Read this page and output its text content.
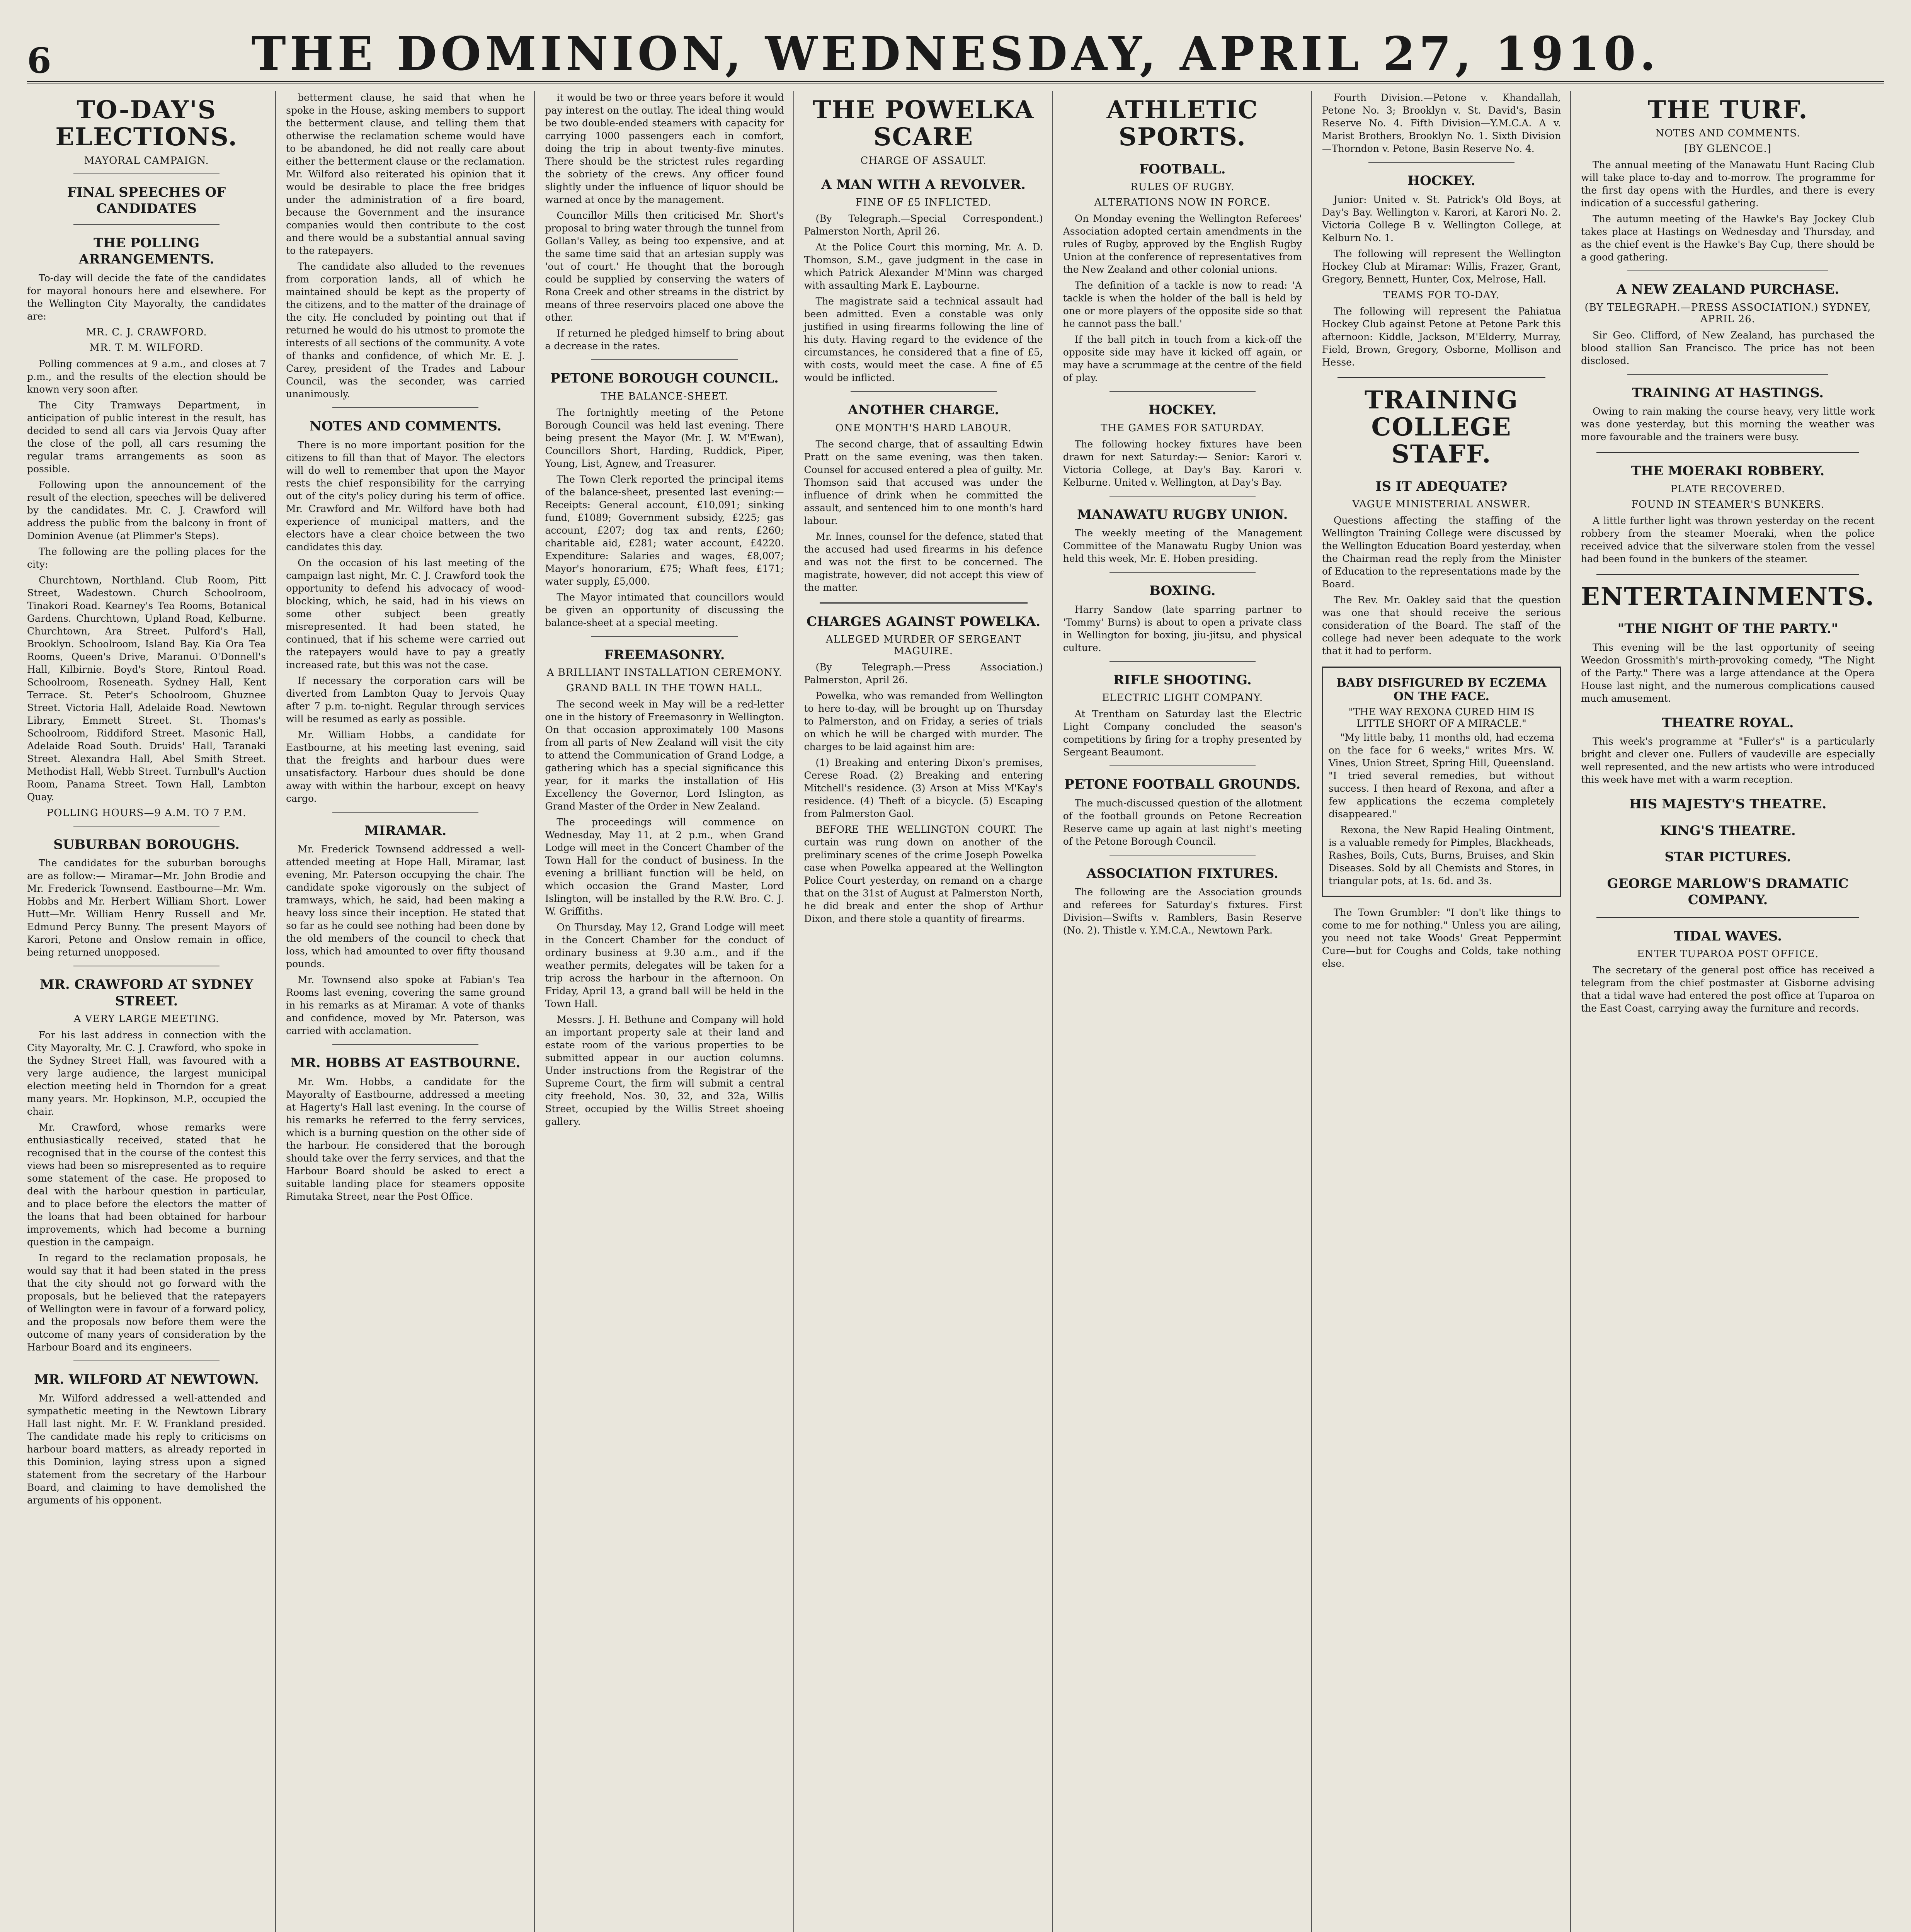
6	THE DOMINION, WEDNESDAY, APRIL 27, 1910.
TO-DAY'S ELECTIONS.
MAYORAL CAMPAIGN.
FINAL SPEECHES OF CANDIDATES
THE POLLING ARRANGEMENTS.

To-day will decide the fate of the candidates for mayoral honours here and elsewhere. For the Wellington City Mayoralty, the candidates are:

MR. C. J. CRAWFORD.
MR. T. M. WILFORD.

Polling commences at 9 a.m., and closes at 7 p.m., and the results of the election should be known very soon after.

The City Tramways Department, in anticipation of public interest in the result, has decided to send all cars via Jervois Quay after the close of the poll, all cars resuming the regular trams arrangements as soon as possible.

Following upon the announcement of the result of the election, speeches will be delivered by the candidates. Mr. C. J. Crawford will address the public from the balcony in front of Dominion Avenue (at Plimmer's Steps).

The following are the polling places for the city:

Churchtown, Northland. Club Room, Pitt Street, Wadestown. Church Schoolroom, Tinakori Road. Kearney's Tea Rooms, Botanical Gardens. Churchtown, Upland Road, Kelburne. Churchtown, Ara Street. Pulford's Hall, Brooklyn. Schoolroom, Island Bay. Kia Ora Tea Rooms, Queen's Drive, Maranui. O'Donnell's Hall, Kilbirnie. Boyd's Store, Rintoul Road. Schoolroom, Roseneath. Sydney Hall, Kent Terrace. St. Peter's Schoolroom, Ghuznee Street. Victoria Hall, Adelaide Road. Newtown Library, Emmett Street. St. Thomas's Schoolroom, Riddiford Street. Masonic Hall, Adelaide Road South. Druids' Hall, Taranaki Street. Alexandra Hall, Abel Smith Street. Methodist Hall, Webb Street. Turnbull's Auction Room, Panama Street. Town Hall, Lambton Quay.

POLLING HOURS—9 A.M. TO 7 P.M.
SUBURBAN BOROUGHS.

The candidates for the suburban boroughs are as follow:— Miramar—Mr. John Brodie and Mr. Frederick Townsend. Eastbourne—Mr. Wm. Hobbs and Mr. Herbert William Short. Lower Hutt—Mr. William Henry Russell and Mr. Edmund Percy Bunny. The present Mayors of Karori, Petone and Onslow remain in office, being returned unopposed.

MR. CRAWFORD AT SYDNEY STREET.
A VERY LARGE MEETING.

For his last address in connection with the City Mayoralty, Mr. C. J. Crawford, who spoke in the Sydney Street Hall, was favoured with a very large audience, the largest municipal election meeting held in Thorndon for a great many years. Mr. Hopkinson, M.P., occupied the chair.

Mr. Crawford, whose remarks were enthusiastically received, stated that he recognised that in the course of the contest this views had been so misrepresented as to require some statement of the case. He proposed to deal with the harbour question in particular, and to place before the electors the matter of the loans that had been obtained for harbour improvements, which had become a burning question in the campaign.

In regard to the reclamation proposals, he would say that it had been stated in the press that the city should not go forward with the proposals, but he believed that the ratepayers of Wellington were in favour of a forward policy, and the proposals now before them were the outcome of many years of consideration by the Harbour Board and its engineers.

MR. WILFORD AT NEWTOWN.

Mr. Wilford addressed a well-attended and sympathetic meeting in the Newtown Library Hall last night. Mr. F. W. Frankland presided. The candidate made his reply to criticisms on harbour board matters, as already reported in this Dominion, laying stress upon a signed statement from the secretary of the Harbour Board, and claiming to have demolished the arguments of his opponent.

betterment clause, he said that when he spoke in the House, asking members to support the betterment clause, and telling them that otherwise the reclamation scheme would have to be abandoned, he did not really care about either the betterment clause or the reclamation. Mr. Wilford also reiterated his opinion that it would be desirable to place the free bridges under the administration of a fire board, because the Government and the insurance companies would then contribute to the cost and there would be a substantial annual saving to the ratepayers.

The candidate also alluded to the revenues from corporation lands, all of which he maintained should be kept as the property of the citizens, and to the matter of the drainage of the city. He concluded by pointing out that if returned he would do his utmost to promote the interests of all sections of the community. A vote of thanks and confidence, of which Mr. E. J. Carey, president of the Trades and Labour Council, was the seconder, was carried unanimously.

NOTES AND COMMENTS.

There is no more important position for the citizens to fill than that of Mayor. The electors will do well to remember that upon the Mayor rests the chief responsibility for the carrying out of the city's policy during his term of office. Mr. Crawford and Mr. Wilford have both had experience of municipal matters, and the electors have a clear choice between the two candidates this day.

On the occasion of his last meeting of the campaign last night, Mr. C. J. Crawford took the opportunity to defend his advocacy of wood-blocking, which, he said, had in his views on some other subject been greatly misrepresented. It had been stated, he continued, that if his scheme were carried out the ratepayers would have to pay a greatly increased rate, but this was not the case.

If necessary the corporation cars will be diverted from Lambton Quay to Jervois Quay after 7 p.m. to-night. Regular through services will be resumed as early as possible.

Mr. William Hobbs, a candidate for Eastbourne, at his meeting last evening, said that the freights and harbour dues were unsatisfactory. Harbour dues should be done away with within the harbour, except on heavy cargo.

MIRAMAR.

Mr. Frederick Townsend addressed a well-attended meeting at Hope Hall, Miramar, last evening, Mr. Paterson occupying the chair. The candidate spoke vigorously on the subject of tramways, which, he said, had been making a heavy loss since their inception. He stated that so far as he could see nothing had been done by the old members of the council to check that loss, which had amounted to over fifty thousand pounds.

Mr. Townsend also spoke at Fabian's Tea Rooms last evening, covering the same ground in his remarks as at Miramar. A vote of thanks and confidence, moved by Mr. Paterson, was carried with acclamation.

MR. HOBBS AT EASTBOURNE.

Mr. Wm. Hobbs, a candidate for the Mayoralty of Eastbourne, addressed a meeting at Hagerty's Hall last evening. In the course of his remarks he referred to the ferry services, which is a burning question on the other side of the harbour. He considered that the borough should take over the ferry services, and that the Harbour Board should be asked to erect a suitable landing place for steamers opposite Rimutaka Street, near the Post Office.

it would be two or three years before it would pay interest on the outlay. The ideal thing would be two double-ended steamers with capacity for carrying 1000 passengers each in comfort, doing the trip in about twenty-five minutes. There should be the strictest rules regarding the sobriety of the crews. Any officer found slightly under the influence of liquor should be warned at once by the management.

Councillor Mills then criticised Mr. Short's proposal to bring water through the tunnel from Gollan's Valley, as being too expensive, and at the same time said that an artesian supply was 'out of court.' He thought that the borough could be supplied by conserving the waters of Rona Creek and other streams in the district by means of three reservoirs placed one above the other.

If returned he pledged himself to bring about a decrease in the rates.

PETONE BOROUGH COUNCIL.
THE BALANCE-SHEET.

The fortnightly meeting of the Petone Borough Council was held last evening. There being present the Mayor (Mr. J. W. M'Ewan), Councillors Short, Harding, Ruddick, Piper, Young, List, Agnew, and Treasurer.

The Town Clerk reported the principal items of the balance-sheet, presented last evening:—Receipts: General account, £10,091; sinking fund, £1089; Government subsidy, £225; gas account, £207; dog tax and rents, £260; charitable aid, £281; water account, £4220. Expenditure: Salaries and wages, £8,007; Mayor's honorarium, £75; Whaft fees, £171; water supply, £5,000.

The Mayor intimated that councillors would be given an opportunity of discussing the balance-sheet at a special meeting.

FREEMASONRY.
A BRILLIANT INSTALLATION CEREMONY.
GRAND BALL IN THE TOWN HALL.

The second week in May will be a red-letter one in the history of Freemasonry in Wellington. On that occasion approximately 100 Masons from all parts of New Zealand will visit the city to attend the Communication of Grand Lodge, a gathering which has a special significance this year, for it marks the installation of His Excellency the Governor, Lord Islington, as Grand Master of the Order in New Zealand.

The proceedings will commence on Wednesday, May 11, at 2 p.m., when Grand Lodge will meet in the Concert Chamber of the Town Hall for the conduct of business. In the evening a brilliant function will be held, on which occasion the Grand Master, Lord Islington, will be installed by the R.W. Bro. C. J. W. Griffiths.

On Thursday, May 12, Grand Lodge will meet in the Concert Chamber for the conduct of ordinary business at 9.30 a.m., and if the weather permits, delegates will be taken for a trip across the harbour in the afternoon. On Friday, April 13, a grand ball will be held in the Town Hall.

Messrs. J. H. Bethune and Company will hold an important property sale at their land and estate room of the various properties to be submitted appear in our auction columns. Under instructions from the Registrar of the Supreme Court, the firm will submit a central city freehold, Nos. 30, 32, and 32a, Willis Street, occupied by the Willis Street shoeing gallery.

THE POWELKA SCARE
CHARGE OF ASSAULT.
A MAN WITH A REVOLVER.
FINE OF £5 INFLICTED.

(By Telegraph.—Special Correspondent.) Palmerston North, April 26.

At the Police Court this morning, Mr. A. D. Thomson, S.M., gave judgment in the case in which Patrick Alexander M'Minn was charged with assaulting Mark E. Laybourne.

The magistrate said a technical assault had been admitted. Even a constable was only justified in using firearms following the line of his duty. Having regard to the evidence of the circumstances, he considered that a fine of £5, with costs, would meet the case. A fine of £5 would be inflicted.

ANOTHER CHARGE.
ONE MONTH'S HARD LABOUR.

The second charge, that of assaulting Edwin Pratt on the same evening, was then taken. Counsel for accused entered a plea of guilty. Mr. Thomson said that accused was under the influence of drink when he committed the assault, and sentenced him to one month's hard labour.

Mr. Innes, counsel for the defence, stated that the accused had used firearms in his defence and was not the first to be concerned. The magistrate, however, did not accept this view of the matter.

CHARGES AGAINST POWELKA.
ALLEGED MURDER OF SERGEANT MAGUIRE.

(By Telegraph.—Press Association.) Palmerston, April 26.

Powelka, who was remanded from Wellington to here to-day, will be brought up on Thursday to Palmerston, and on Friday, a series of trials on which he will be charged with murder. The charges to be laid against him are:

(1) Breaking and entering Dixon's premises, Cerese Road. (2) Breaking and entering Mitchell's residence. (3) Arson at Miss M'Kay's residence. (4) Theft of a bicycle. (5) Escaping from Palmerston Gaol.

BEFORE THE WELLINGTON COURT. The curtain was rung down on another of the preliminary scenes of the crime Joseph Powelka case when Powelka appeared at the Wellington Police Court yesterday, on remand on a charge that on the 31st of August at Palmerston North, he did break and enter the shop of Arthur Dixon, and there stole a quantity of firearms.

ATHLETIC SPORTS.
FOOTBALL.
RULES OF RUGBY.
ALTERATIONS NOW IN FORCE.

On Monday evening the Wellington Referees' Association adopted certain amendments in the rules of Rugby, approved by the English Rugby Union at the conference of representatives from the New Zealand and other colonial unions.

The definition of a tackle is now to read: 'A tackle is when the holder of the ball is held by one or more players of the opposite side so that he cannot pass the ball.'

If the ball pitch in touch from a kick-off the opposite side may have it kicked off again, or may have a scrummage at the centre of the field of play.

HOCKEY.
THE GAMES FOR SATURDAY.

The following hockey fixtures have been drawn for next Saturday:— Senior: Karori v. Victoria College, at Day's Bay. Karori v. Kelburne. United v. Wellington, at Day's Bay.

MANAWATU RUGBY UNION.

The weekly meeting of the Management Committee of the Manawatu Rugby Union was held this week, Mr. E. Hoben presiding.

BOXING.

Harry Sandow (late sparring partner to 'Tommy' Burns) is about to open a private class in Wellington for boxing, jiu-jitsu, and physical culture.

RIFLE SHOOTING.
ELECTRIC LIGHT COMPANY.

At Trentham on Saturday last the Electric Light Company concluded the season's competitions by firing for a trophy presented by Sergeant Beaumont.

PETONE FOOTBALL GROUNDS.

The much-discussed question of the allotment of the football grounds on Petone Recreation Reserve came up again at last night's meeting of the Petone Borough Council.

ASSOCIATION FIXTURES.

The following are the Association grounds and referees for Saturday's fixtures. First Division—Swifts v. Ramblers, Basin Reserve (No. 2). Thistle v. Y.M.C.A., Newtown Park.

Fourth Division.—Petone v. Khandallah, Petone No. 3; Brooklyn v. St. David's, Basin Reserve No. 4. Fifth Division—Y.M.C.A. A v. Marist Brothers, Brooklyn No. 1. Sixth Division—Thorndon v. Petone, Basin Reserve No. 4.

HOCKEY.

Junior: United v. St. Patrick's Old Boys, at Day's Bay. Wellington v. Karori, at Karori No. 2. Victoria College B v. Wellington College, at Kelburn No. 1.

The following will represent the Wellington Hockey Club at Miramar: Willis, Frazer, Grant, Gregory, Bennett, Hunter, Cox, Melrose, Hall.

TEAMS FOR TO-DAY.

The following will represent the Pahiatua Hockey Club against Petone at Petone Park this afternoon: Kiddle, Jackson, M'Elderry, Murray, Field, Brown, Gregory, Osborne, Mollison and Hesse.

TRAINING COLLEGE STAFF.
IS IT ADEQUATE?
VAGUE MINISTERIAL ANSWER.

Questions affecting the staffing of the Wellington Training College were discussed by the Wellington Education Board yesterday, when the Chairman read the reply from the Minister of Education to the representations made by the Board.

The Rev. Mr. Oakley said that the question was one that should receive the serious consideration of the Board. The staff of the college had never been adequate to the work that it had to perform.

BABY DISFIGURED BY ECZEMA ON THE FACE.
"THE WAY REXONA CURED HIM IS LITTLE SHORT OF A MIRACLE."

"My little baby, 11 months old, had eczema on the face for 6 weeks," writes Mrs. W. Vines, Union Street, Spring Hill, Queensland. "I tried several remedies, but without success. I then heard of Rexona, and after a few applications the eczema completely disappeared."

Rexona, the New Rapid Healing Ointment, is a valuable remedy for Pimples, Blackheads, Rashes, Boils, Cuts, Burns, Bruises, and Skin Diseases. Sold by all Chemists and Stores, in triangular pots, at 1s. 6d. and 3s.

The Town Grumbler: "I don't like things to come to me for nothing." Unless you are ailing, you need not take Woods' Great Peppermint Cure—but for Coughs and Colds, take nothing else.

THE TURF.
NOTES AND COMMENTS.
[BY GLENCOE.]

The annual meeting of the Manawatu Hunt Racing Club will take place to-day and to-morrow. The programme for the first day opens with the Hurdles, and there is every indication of a successful gathering.

The autumn meeting of the Hawke's Bay Jockey Club takes place at Hastings on Wednesday and Thursday, and as the chief event is the Hawke's Bay Cup, there should be a good gathering.

A NEW ZEALAND PURCHASE.
(BY TELEGRAPH.—PRESS ASSOCIATION.) SYDNEY, APRIL 26.

Sir Geo. Clifford, of New Zealand, has purchased the blood stallion San Francisco. The price has not been disclosed.

TRAINING AT HASTINGS.

Owing to rain making the course heavy, very little work was done yesterday, but this morning the weather was more favourable and the trainers were busy.

THE MOERAKI ROBBERY.
PLATE RECOVERED.
FOUND IN STEAMER'S BUNKERS.

A little further light was thrown yesterday on the recent robbery from the steamer Moeraki, when the police received advice that the silverware stolen from the vessel had been found in the bunkers of the steamer.

ENTERTAINMENTS.
"THE NIGHT OF THE PARTY."

This evening will be the last opportunity of seeing Weedon Grossmith's mirth-provoking comedy, "The Night of the Party." There was a large attendance at the Opera House last night, and the numerous complications caused much amusement.

THEATRE ROYAL.

This week's programme at "Fuller's" is a particularly bright and clever one. Fullers of vaudeville are especially well represented, and the new artists who were introduced this week have met with a warm reception.

HIS MAJESTY'S THEATRE.
KING'S THEATRE.
STAR PICTURES.
GEORGE MARLOW'S DRAMATIC COMPANY.
TIDAL WAVES.
ENTER TUPAROA POST OFFICE.

The secretary of the general post office has received a telegram from the chief postmaster at Gisborne advising that a tidal wave had entered the post office at Tuparoa on the East Coast, carrying away the furniture and records.
